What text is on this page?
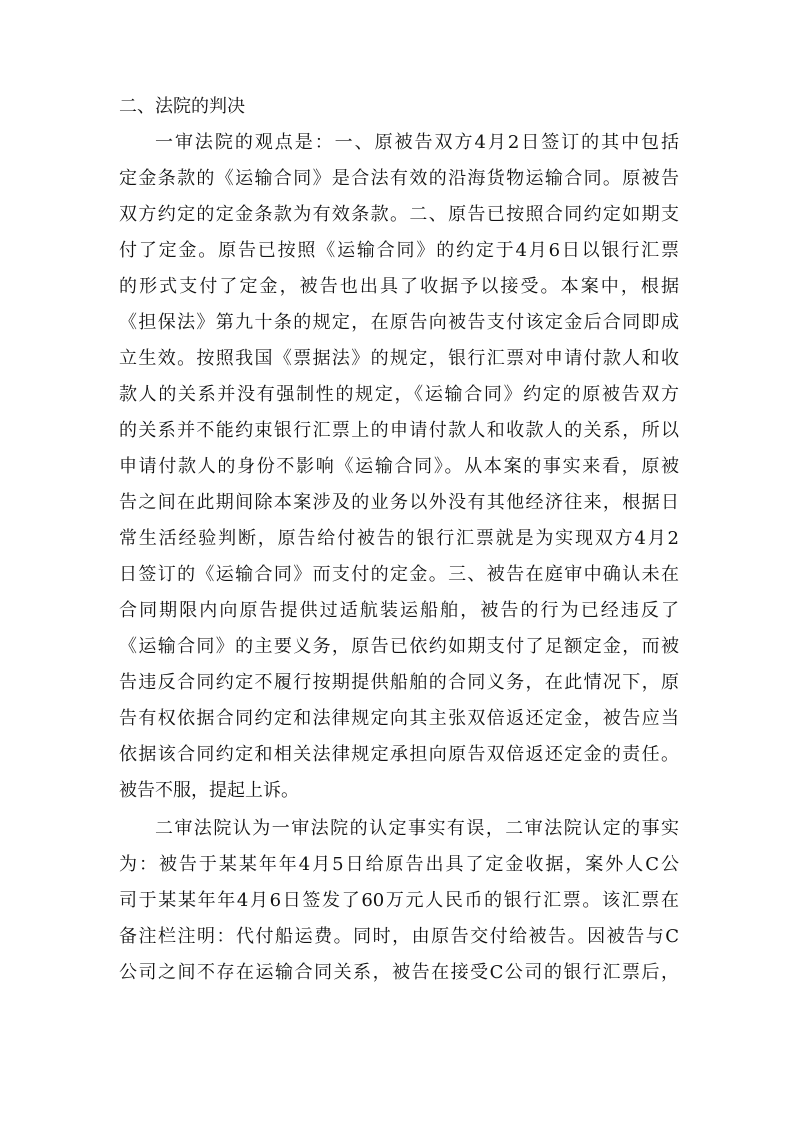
二、法院的判决
一审法院的观点是：一、原被告双方4月2日签订的其中包括
定金条款的《运输合同》是合法有效的沿海货物运输合同。原被告
双方约定的定金条款为有效条款。二、原告已按照合同约定如期支
付了定金。原告已按照《运输合同》的约定于4月6日以银行汇票
的形式支付了定金，被告也出具了收据予以接受。本案中，根据
《担保法》第九十条的规定，在原告向被告支付该定金后合同即成
立生效。按照我国《票据法》的规定，银行汇票对申请付款人和收
款人的关系并没有强制性的规定，《运输合同》约定的原被告双方
的关系并不能约束银行汇票上的申请付款人和收款人的关系，所以
申请付款人的身份不影响《运输合同》。从本案的事实来看，原被
告之间在此期间除本案涉及的业务以外没有其他经济往来，根据日
常生活经验判断，原告给付被告的银行汇票就是为实现双方4月2
日签订的《运输合同》而支付的定金。三、被告在庭审中确认未在
合同期限内向原告提供过适航装运船舶，被告的行为已经违反了
《运输合同》的主要义务，原告已依约如期支付了足额定金，而被
告违反合同约定不履行按期提供船舶的合同义务，在此情况下，原
告有权依据合同约定和法律规定向其主张双倍返还定金，被告应当
依据该合同约定和相关法律规定承担向原告双倍返还定金的责任。
被告不服，提起上诉。
二审法院认为一审法院的认定事实有误，二审法院认定的事实
为：被告于某某年年4月5日给原告出具了定金收据，案外人C公
司于某某年年4月6日签发了60万元人民币的银行汇票。该汇票在
备注栏注明：代付船运费。同时，由原告交付给被告。因被告与C
公司之间不存在运输合同关系，被告在接受C公司的银行汇票后，
